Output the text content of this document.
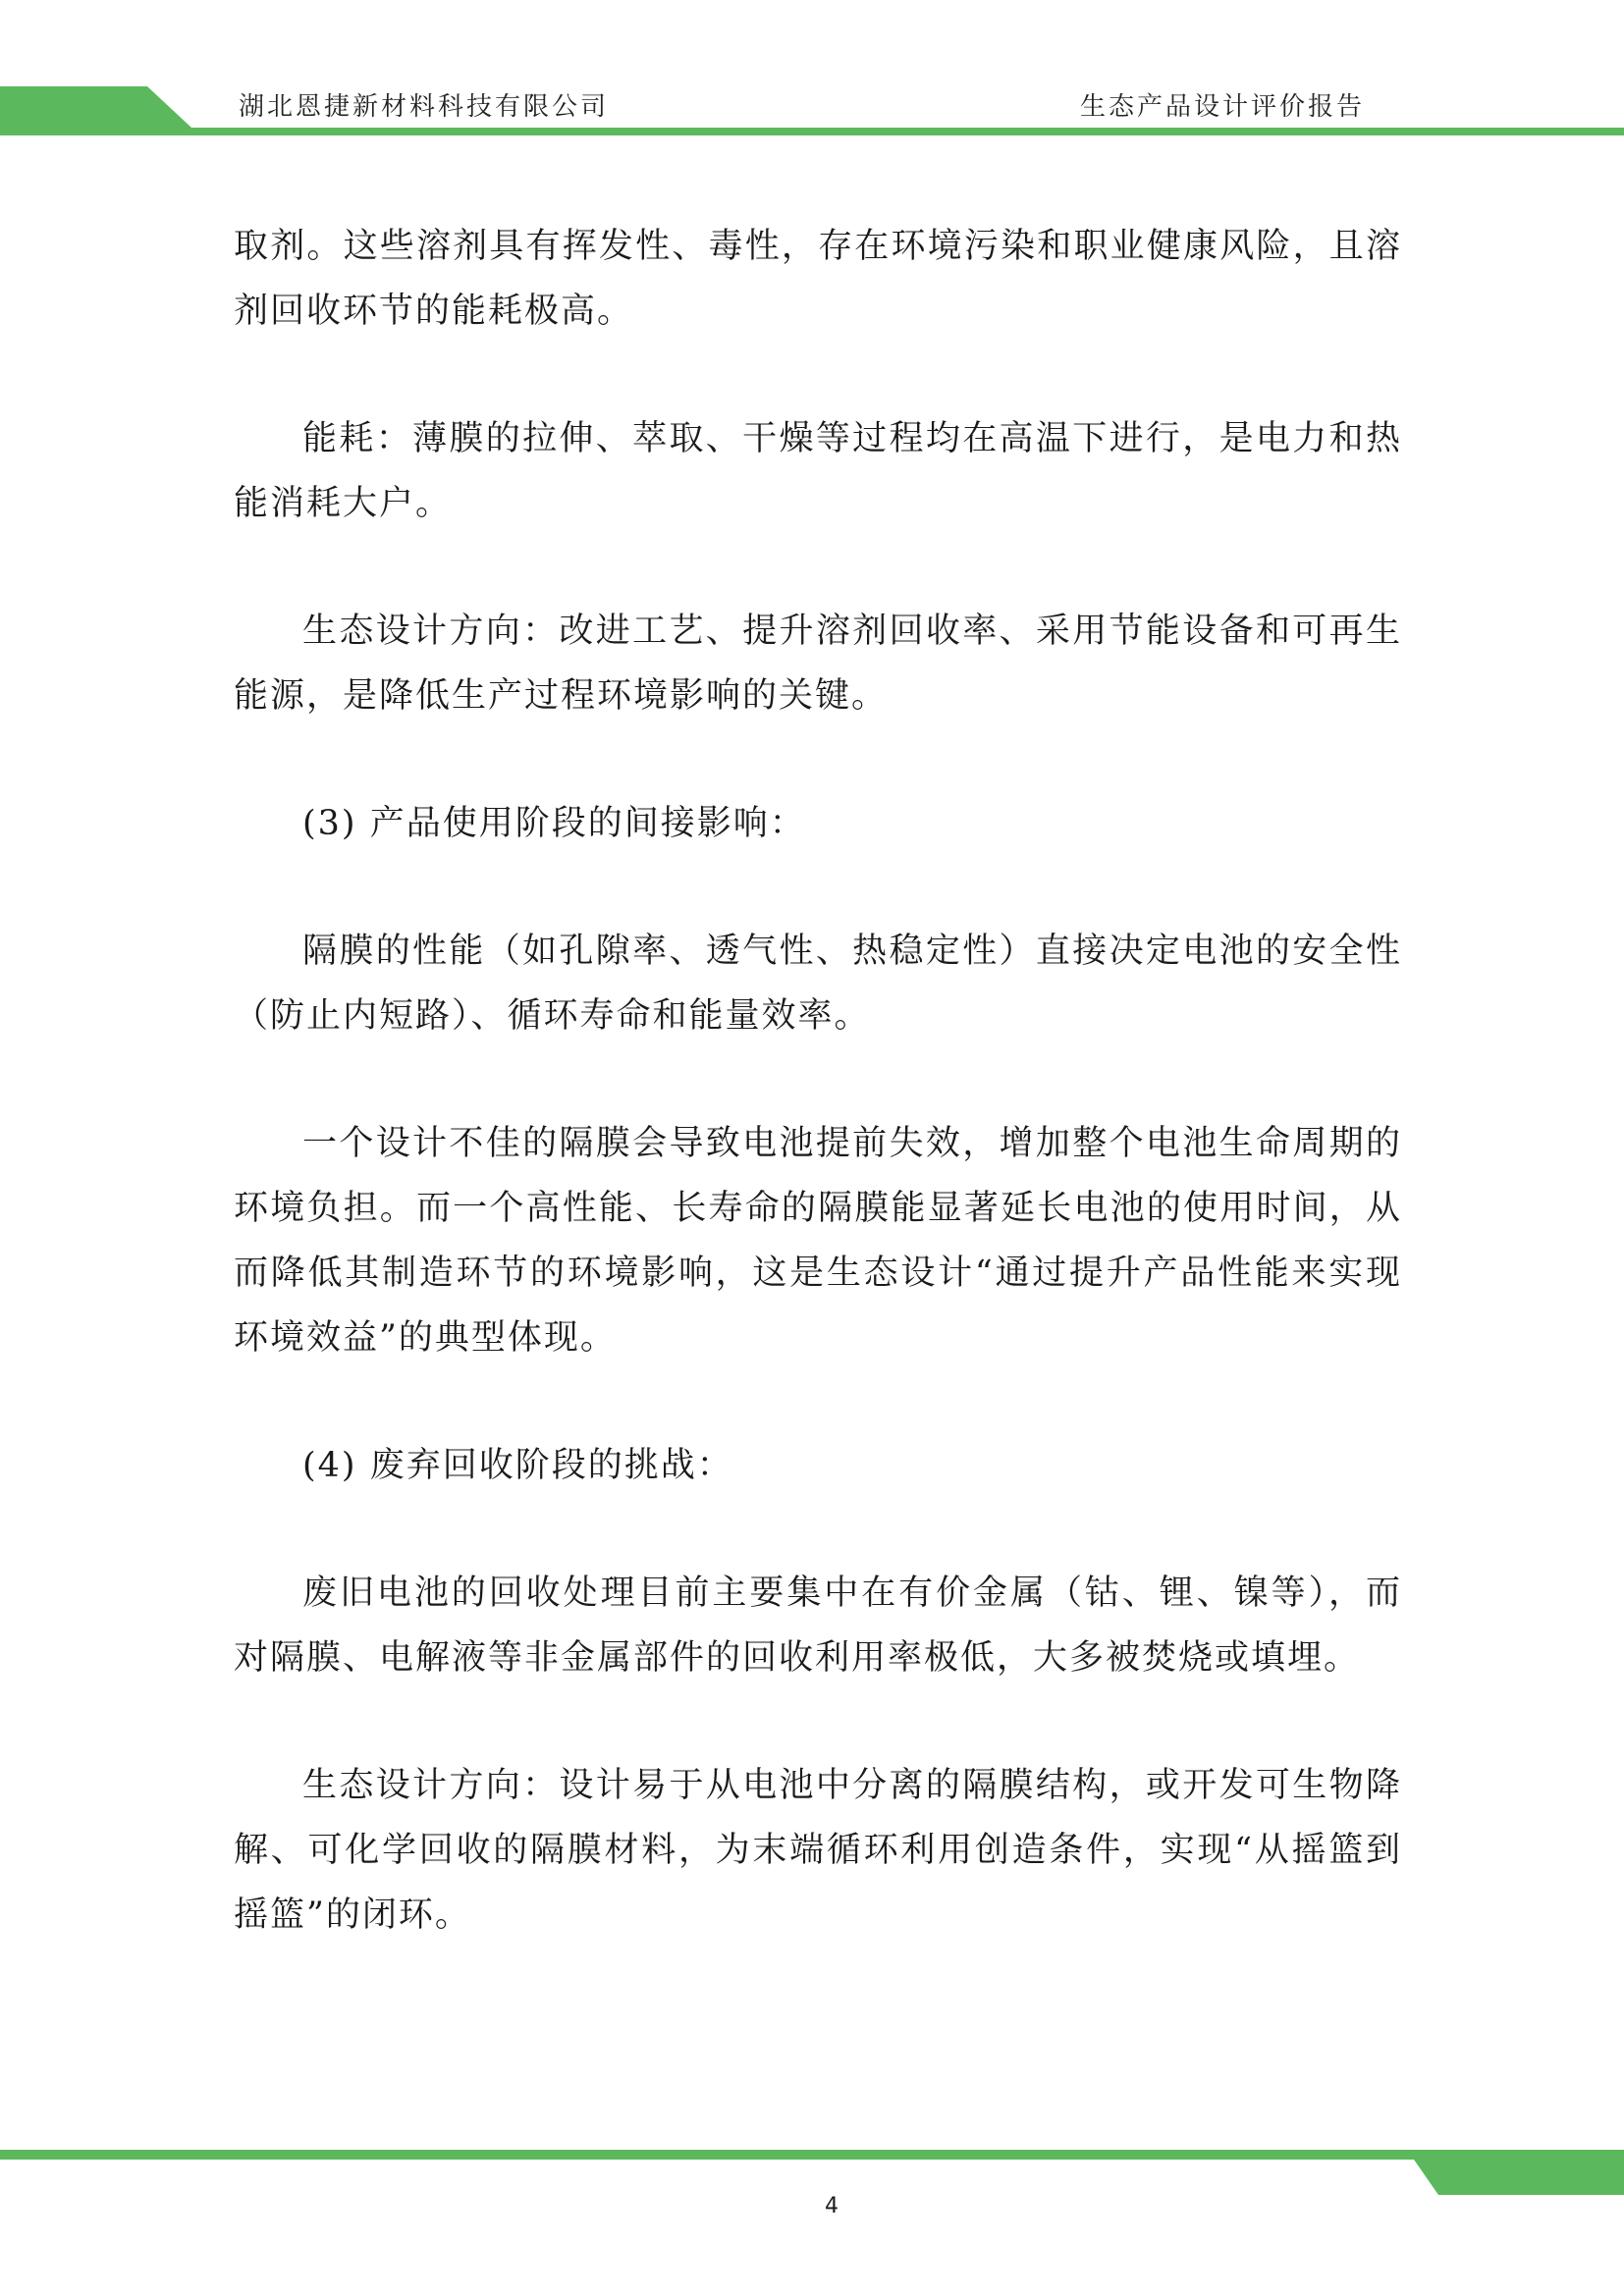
湖北恩捷新材料科技有限公司	生态产品设计评价报告

取剂。这些溶剂具有挥发性、毒性，存在环境污染和职业健康风险，且溶剂回收环节的能耗极高。

能耗：薄膜的拉伸、萃取、干燥等过程均在高温下进行，是电力和热能消耗大户。

生态设计方向：改进工艺、提升溶剂回收率、采用节能设备和可再生能源，是降低生产过程环境影响的关键。

(3) 产品使用阶段的间接影响：

隔膜的性能（如孔隙率、透气性、热稳定性）直接决定电池的安全性（防止内短路）、循环寿命和能量效率。

一个设计不佳的隔膜会导致电池提前失效，增加整个电池生命周期的环境负担。而一个高性能、长寿命的隔膜能显著延长电池的使用时间，从而降低其制造环节的环境影响，这是生态设计“通过提升产品性能来实现环境效益”的典型体现。

(4) 废弃回收阶段的挑战：

废旧电池的回收处理目前主要集中在有价金属（钴、锂、镍等），而对隔膜、电解液等非金属部件的回收利用率极低，大多被焚烧或填埋。

生态设计方向：设计易于从电池中分离的隔膜结构，或开发可生物降解、可化学回收的隔膜材料，为末端循环利用创造条件，实现“从摇篮到摇篮”的闭环。

4
